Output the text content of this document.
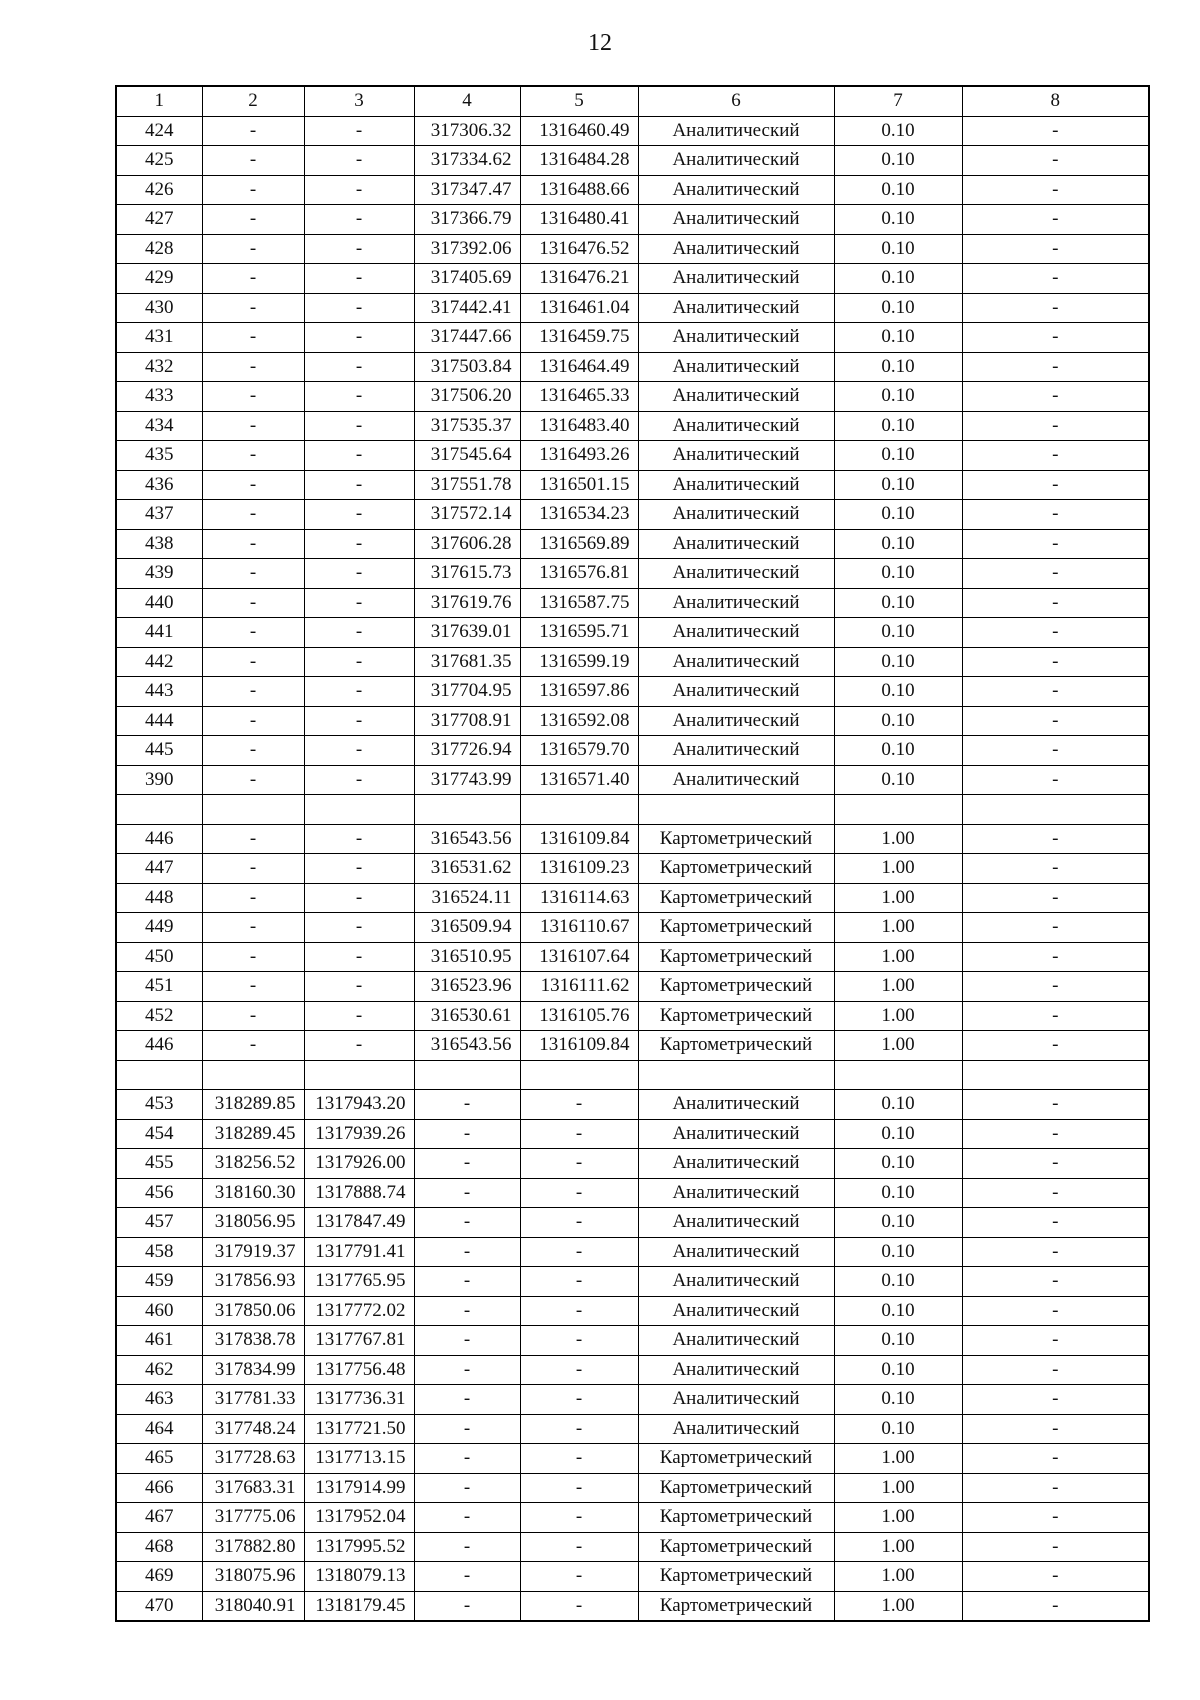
12
1	2	3	4	5	6	7	8
424	-	-	317306.32	1316460.49	Аналитический	0.10	-
425	-	-	317334.62	1316484.28	Аналитический	0.10	-
426	-	-	317347.47	1316488.66	Аналитический	0.10	-
427	-	-	317366.79	1316480.41	Аналитический	0.10	-
428	-	-	317392.06	1316476.52	Аналитический	0.10	-
429	-	-	317405.69	1316476.21	Аналитический	0.10	-
430	-	-	317442.41	1316461.04	Аналитический	0.10	-
431	-	-	317447.66	1316459.75	Аналитический	0.10	-
432	-	-	317503.84	1316464.49	Аналитический	0.10	-
433	-	-	317506.20	1316465.33	Аналитический	0.10	-
434	-	-	317535.37	1316483.40	Аналитический	0.10	-
435	-	-	317545.64	1316493.26	Аналитический	0.10	-
436	-	-	317551.78	1316501.15	Аналитический	0.10	-
437	-	-	317572.14	1316534.23	Аналитический	0.10	-
438	-	-	317606.28	1316569.89	Аналитический	0.10	-
439	-	-	317615.73	1316576.81	Аналитический	0.10	-
440	-	-	317619.76	1316587.75	Аналитический	0.10	-
441	-	-	317639.01	1316595.71	Аналитический	0.10	-
442	-	-	317681.35	1316599.19	Аналитический	0.10	-
443	-	-	317704.95	1316597.86	Аналитический	0.10	-
444	-	-	317708.91	1316592.08	Аналитический	0.10	-
445	-	-	317726.94	1316579.70	Аналитический	0.10	-
390	-	-	317743.99	1316571.40	Аналитический	0.10	-

446	-	-	316543.56	1316109.84	Картометрический	1.00	-
447	-	-	316531.62	1316109.23	Картометрический	1.00	-
448	-	-	316524.11	1316114.63	Картометрический	1.00	-
449	-	-	316509.94	1316110.67	Картометрический	1.00	-
450	-	-	316510.95	1316107.64	Картометрический	1.00	-
451	-	-	316523.96	1316111.62	Картометрический	1.00	-
452	-	-	316530.61	1316105.76	Картометрический	1.00	-
446	-	-	316543.56	1316109.84	Картометрический	1.00	-

453	318289.85	1317943.20	-	-	Аналитический	0.10	-
454	318289.45	1317939.26	-	-	Аналитический	0.10	-
455	318256.52	1317926.00	-	-	Аналитический	0.10	-
456	318160.30	1317888.74	-	-	Аналитический	0.10	-
457	318056.95	1317847.49	-	-	Аналитический	0.10	-
458	317919.37	1317791.41	-	-	Аналитический	0.10	-
459	317856.93	1317765.95	-	-	Аналитический	0.10	-
460	317850.06	1317772.02	-	-	Аналитический	0.10	-
461	317838.78	1317767.81	-	-	Аналитический	0.10	-
462	317834.99	1317756.48	-	-	Аналитический	0.10	-
463	317781.33	1317736.31	-	-	Аналитический	0.10	-
464	317748.24	1317721.50	-	-	Аналитический	0.10	-
465	317728.63	1317713.15	-	-	Картометрический	1.00	-
466	317683.31	1317914.99	-	-	Картометрический	1.00	-
467	317775.06	1317952.04	-	-	Картометрический	1.00	-
468	317882.80	1317995.52	-	-	Картометрический	1.00	-
469	318075.96	1318079.13	-	-	Картометрический	1.00	-
470	318040.91	1318179.45	-	-	Картометрический	1.00	-
